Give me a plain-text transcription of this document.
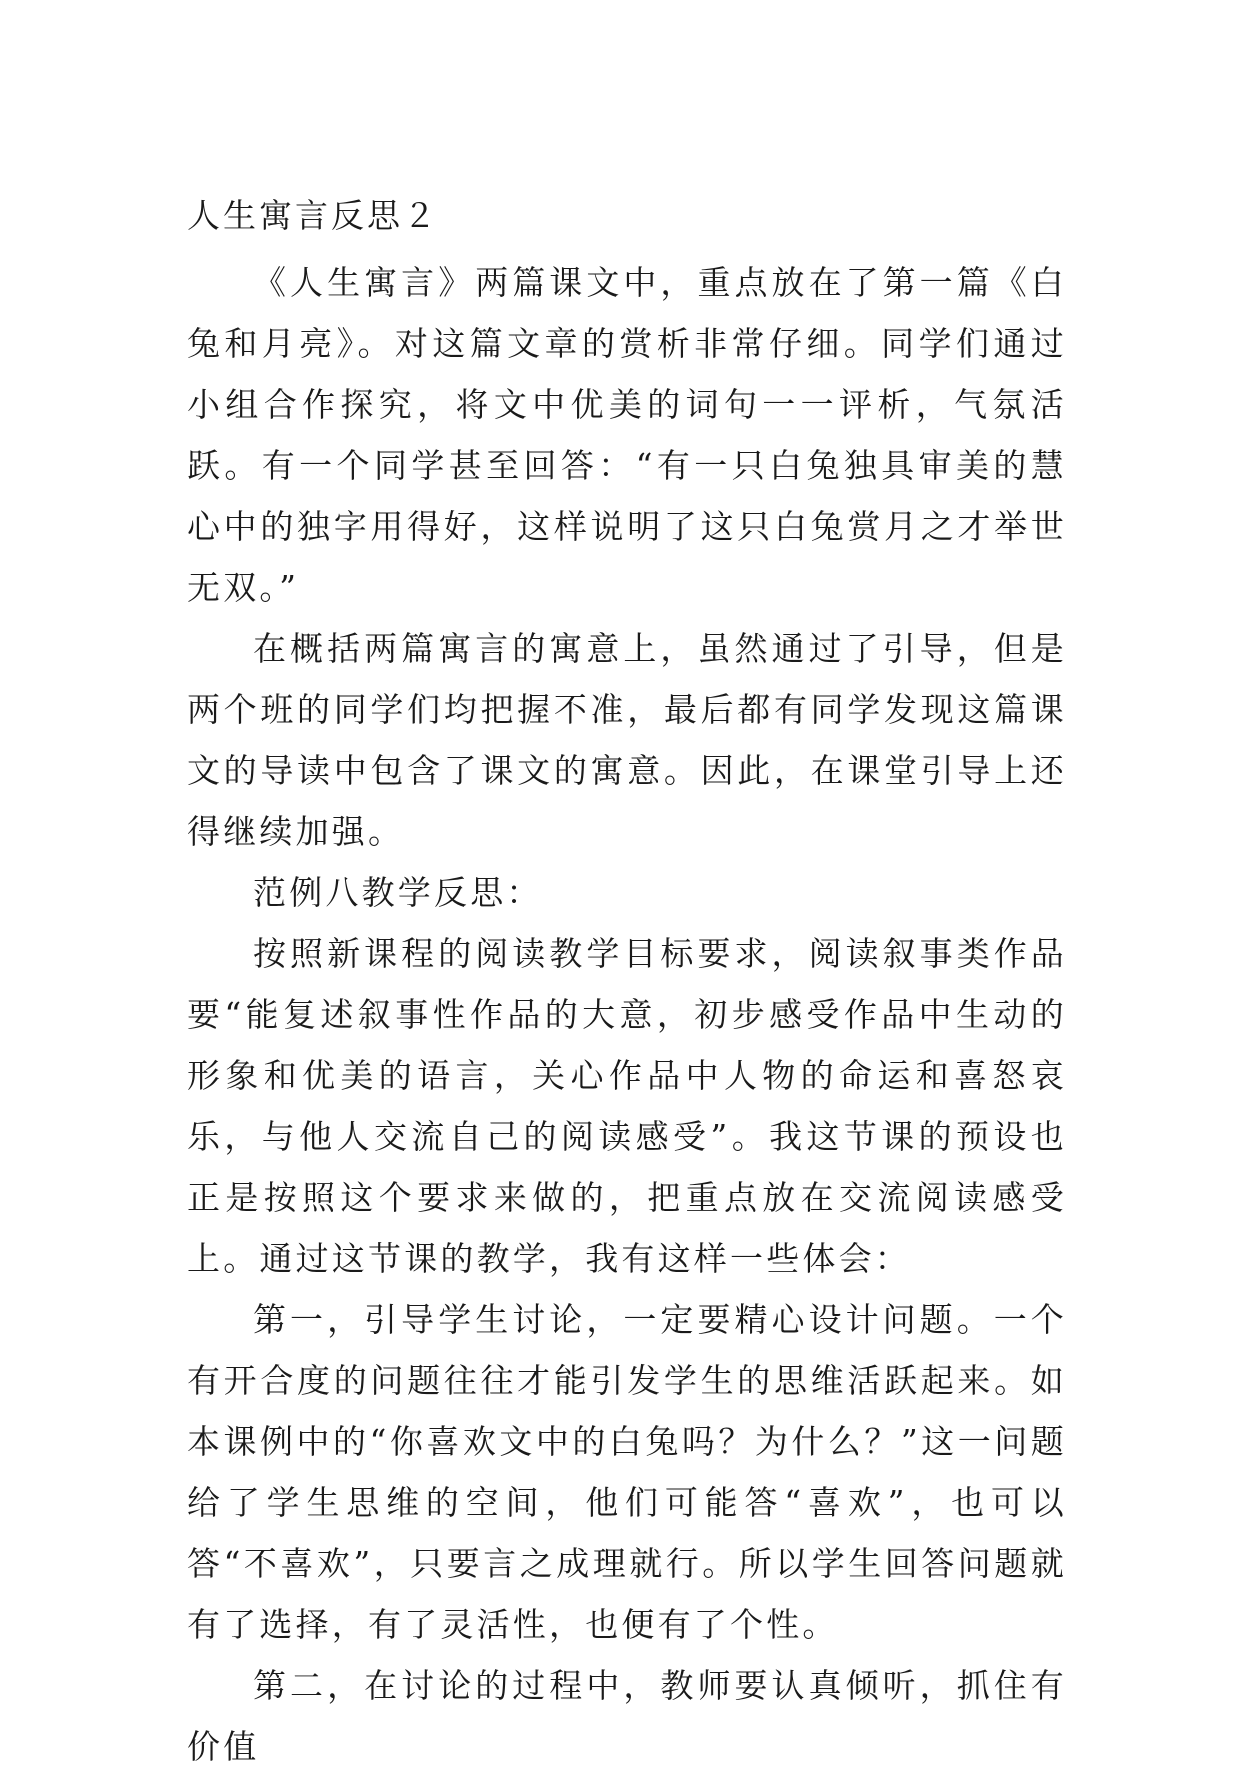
人生寓言反思２

《人生寓言》两篇课文中，重点放在了第一篇《白兔和月亮》。对这篇文章的赏析非常仔细。同学们通过小组合作探究，将文中优美的词句一一评析，气氛活跃。有一个同学甚至回答：“有一只白兔独具审美的慧心中的独字用得好，这样说明了这只白兔赏月之才举世无双。”

在概括两篇寓言的寓意上，虽然通过了引导，但是两个班的同学们均把握不准，最后都有同学发现这篇课文的导读中包含了课文的寓意。因此，在课堂引导上还得继续加强。

范例八教学反思：

按照新课程的阅读教学目标要求，阅读叙事类作品要“能复述叙事性作品的大意，初步感受作品中生动的形象和优美的语言，关心作品中人物的命运和喜怒哀乐，与他人交流自己的阅读感受”。我这节课的预设也正是按照这个要求来做的，把重点放在交流阅读感受上。通过这节课的教学，我有这样一些体会：

第一，引导学生讨论，一定要精心设计问题。一个有开合度的问题往往才能引发学生的思维活跃起来。如本课例中的“你喜欢文中的白兔吗？为什么？”这一问题给了学生思维的空间，他们可能答“喜欢”，也可以答“不喜欢”，只要言之成理就行。所以学生回答问题就有了选择，有了灵活性，也便有了个性。

第二，在讨论的过程中，教师要认真倾听，抓住有价值
